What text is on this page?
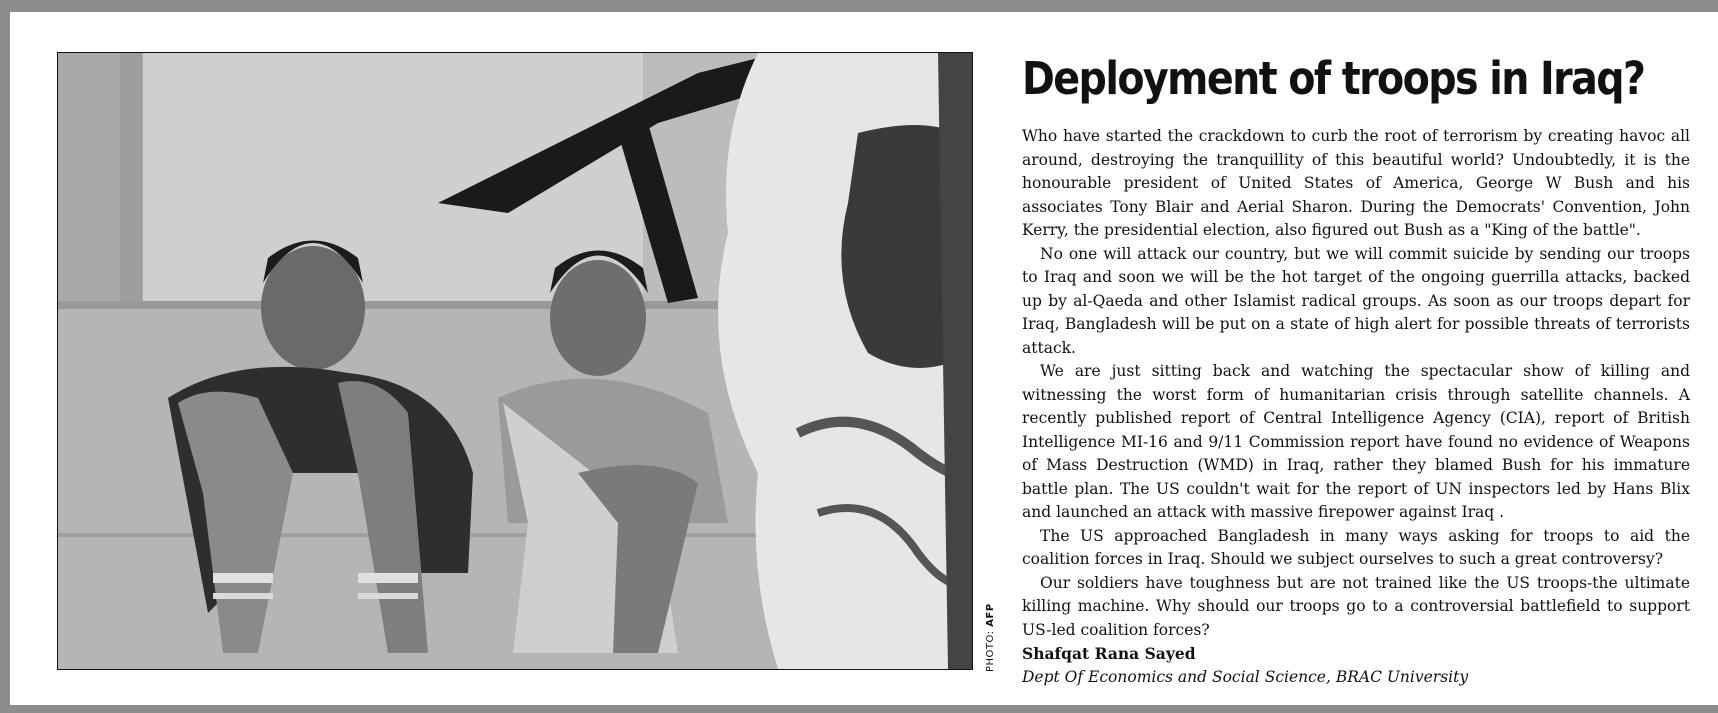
PHOTO: AFP
Deployment of troops in Iraq?

Who have started the crackdown to curb the root of terrorism by creating havoc all around, destroying the tranquillity of this beautiful world? Undoubtedly, it is the honourable president of United States of America, George W Bush and his associates Tony Blair and Aerial Sharon. During the Democrats' Convention, John Kerry, the presidential election, also figured out Bush as a "King of the battle".

No one will attack our country, but we will commit suicide by sending our troops to Iraq and soon we will be the hot target of the ongoing guerrilla attacks, backed up by al-Qaeda and other Islamist radical groups. As soon as our troops depart for Iraq, Bangladesh will be put on a state of high alert for possible threats of terrorists attack.

We are just sitting back and watching the spectacular show of killing and witnessing the worst form of humanitarian crisis through satellite channels. A recently published report of Central Intelligence Agency (CIA), report of British Intelligence MI-16 and 9/11 Commission report have found no evidence of Weapons of Mass Destruction (WMD) in Iraq, rather they blamed Bush for his immature battle plan. The US couldn't wait for the report of UN inspectors led by Hans Blix and launched an attack with massive firepower against Iraq .

The US approached Bangladesh in many ways asking for troops to aid the coalition forces in Iraq. Should we subject ourselves to such a great controversy?

Our soldiers have toughness but are not trained like the US troops-the ultimate killing machine. Why should our troops go to a controversial battlefield to support US-led coalition forces?

Shafqat Rana Sayed

Dept Of Economics and Social Science, BRAC University
